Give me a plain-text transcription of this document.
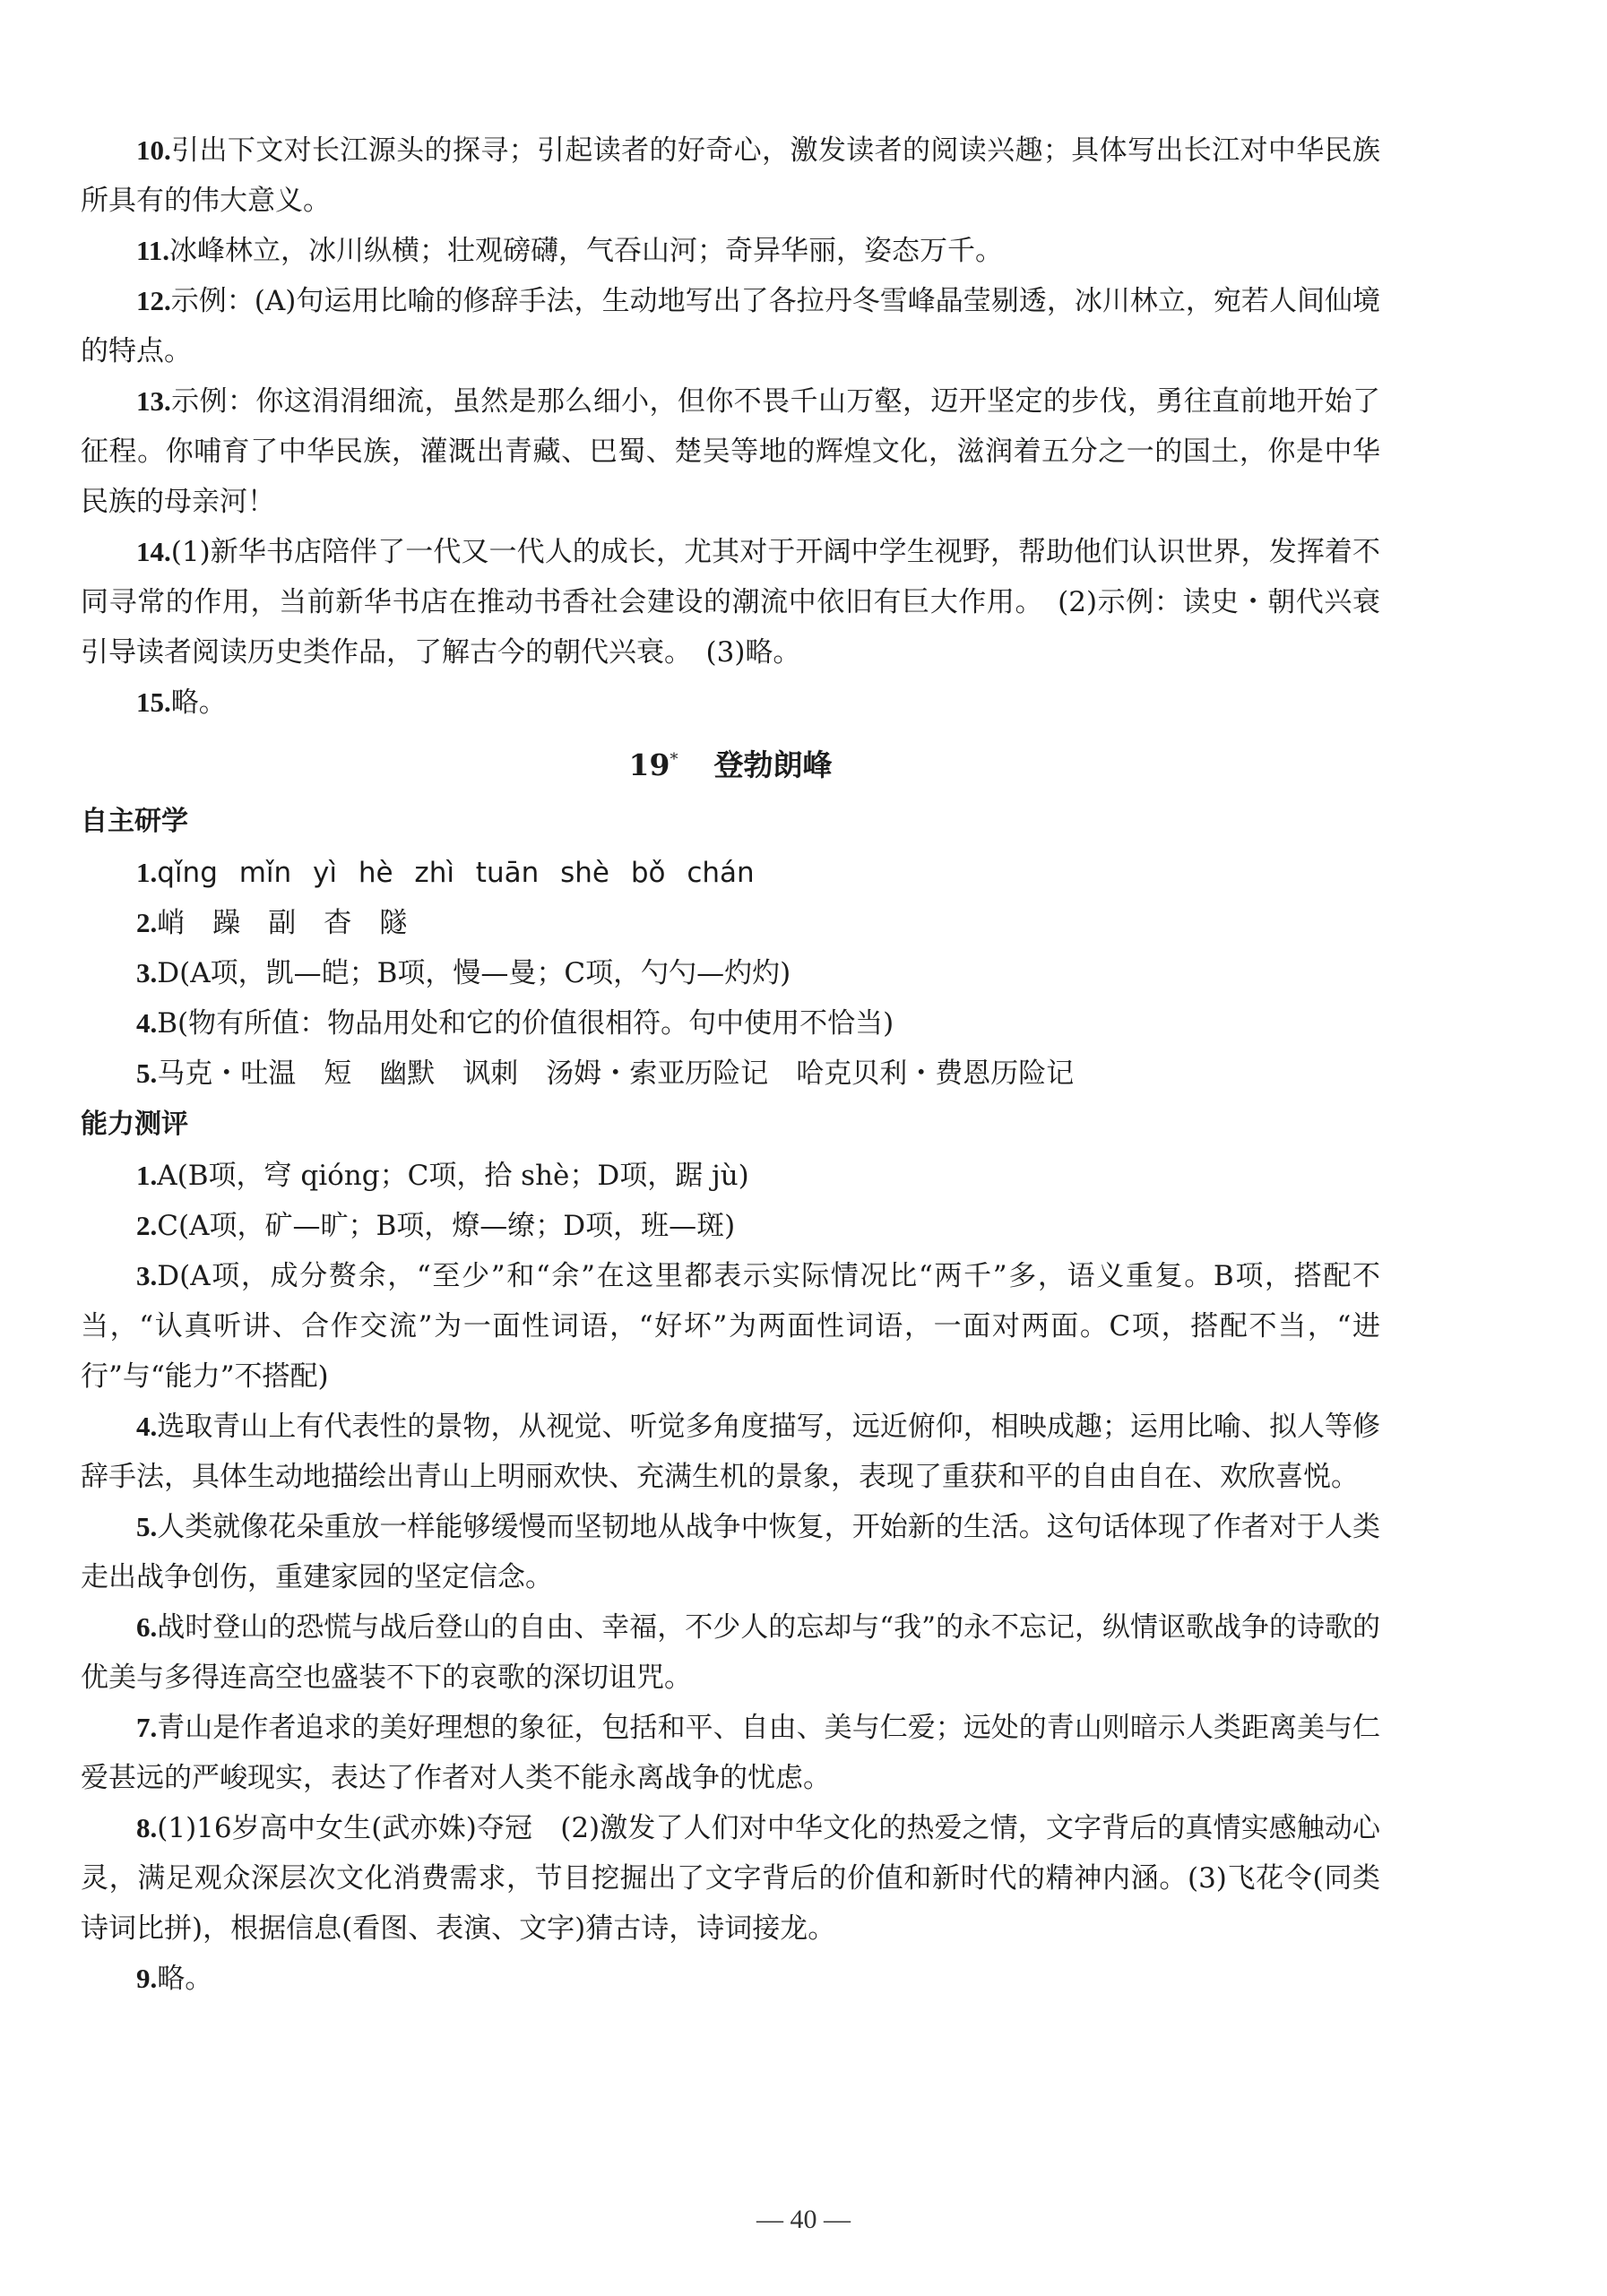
10.引出下文对长江源头的探寻；引起读者的好奇心，激发读者的阅读兴趣；具体写出长江对中华民族所具有的伟大意义。

11.冰峰林立，冰川纵横；壮观磅礴，气吞山河；奇异华丽，姿态万千。

12.示例：(A)句运用比喻的修辞手法，生动地写出了各拉丹冬雪峰晶莹剔透，冰川林立，宛若人间仙境的特点。

13.示例：你这涓涓细流，虽然是那么细小，但你不畏千山万壑，迈开坚定的步伐，勇往直前地开始了征程。你哺育了中华民族，灌溉出青藏、巴蜀、楚吴等地的辉煌文化，滋润着五分之一的国土，你是中华民族的母亲河！

14.(1)新华书店陪伴了一代又一代人的成长，尤其对于开阔中学生视野，帮助他们认识世界，发挥着不同寻常的作用，当前新华书店在推动书香社会建设的潮流中依旧有巨大作用。　(2)示例：读史・朝代兴衰　引导读者阅读历史类作品，了解古今的朝代兴衰。　(3)略。

15.略。

19* 登勃朗峰

自主研学

1.qǐng mǐn yì hè zhì tuān shè bǒ chán

2.峭　躁　副　杳　隧

3.D(A项，凯—皑；B项，慢—曼；C项，勺勺—灼灼)

4.B(物有所值：物品用处和它的价值很相符。句中使用不恰当)

5.马克・吐温　短　幽默　讽刺　汤姆・索亚历险记　哈克贝利・费恩历险记

能力测评

1.A(B项，穹 qióng；C项，拾 shè；D项，踞 jù)

2.C(A项，矿—旷；B项，燎—缭；D项，班—斑)

3.D(A项，成分赘余，“至少”和“余”在这里都表示实际情况比“两千”多，语义重复。B项，搭配不当，“认真听讲、合作交流”为一面性词语，“好坏”为两面性词语，一面对两面。C项，搭配不当，“进行”与“能力”不搭配)

4.选取青山上有代表性的景物，从视觉、听觉多角度描写，远近俯仰，相映成趣；运用比喻、拟人等修辞手法，具体生动地描绘出青山上明丽欢快、充满生机的景象，表现了重获和平的自由自在、欢欣喜悦。

5.人类就像花朵重放一样能够缓慢而坚韧地从战争中恢复，开始新的生活。这句话体现了作者对于人类走出战争创伤，重建家园的坚定信念。

6.战时登山的恐慌与战后登山的自由、幸福，不少人的忘却与“我”的永不忘记，纵情讴歌战争的诗歌的优美与多得连高空也盛装不下的哀歌的深切诅咒。

7.青山是作者追求的美好理想的象征，包括和平、自由、美与仁爱；远处的青山则暗示人类距离美与仁爱甚远的严峻现实，表达了作者对人类不能永离战争的忧虑。

8.(1)16岁高中女生(武亦姝)夺冠　(2)激发了人们对中华文化的热爱之情，文字背后的真情实感触动心灵，满足观众深层次文化消费需求，节目挖掘出了文字背后的价值和新时代的精神内涵。(3)飞花令(同类诗词比拼)，根据信息(看图、表演、文字)猜古诗，诗词接龙。

9.略。

— 40 —
